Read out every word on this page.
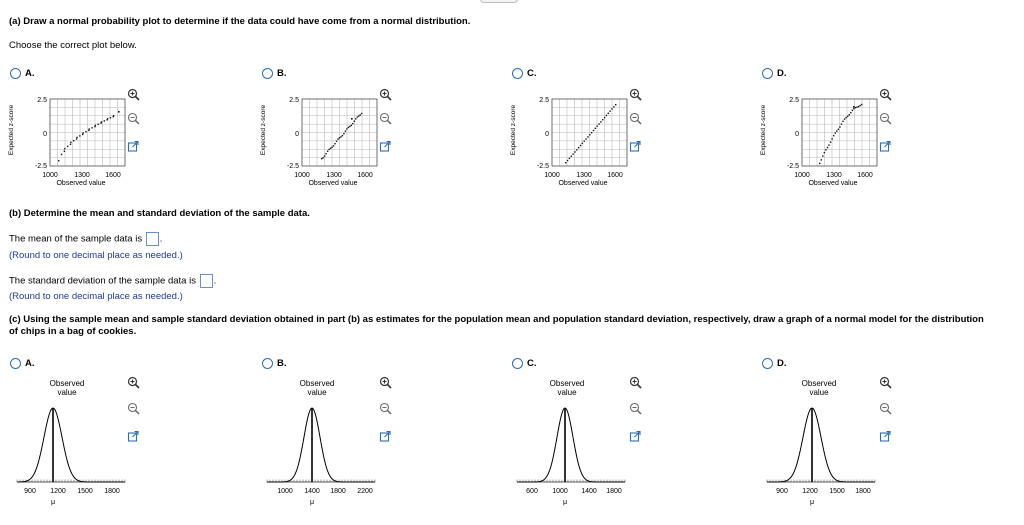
(a) Draw a normal probability plot to determine if the data could have come from a normal distribution.
Choose the correct plot below.
A.
Expected z-score
2.5
0
-2.5
1000 1300 1600
Observed value
B.
Expected z-score
2.5
0
-2.5
1000 1300 1600
Observed value
C.
Expected z-score
2.5
0
-2.5
1000 1300 1600
Observed value
D.
Expected z-score
2.5
0
-2.5
1000 1300 1600
Observed value
(b) Determine the mean and standard deviation of the sample data.
The mean of the sample data is .
(Round to one decimal place as needed.)
The standard deviation of the sample data is .
(Round to one decimal place as needed.)
(c) Using the sample mean and sample standard deviation obtained in part (b) as estimates for the population mean and population standard deviation, respectively, draw a graph of a normal model for the distribution
of chips in a bag of cookies.
A.
Observed
value
900 1200 1500 1800
μ
B.
Observed
value
1000 1400 1800 2200
μ
C.
Observed
value
600 1000 1400 1800
μ
D.
Observed
value
900 1200 1500 1800
μ
